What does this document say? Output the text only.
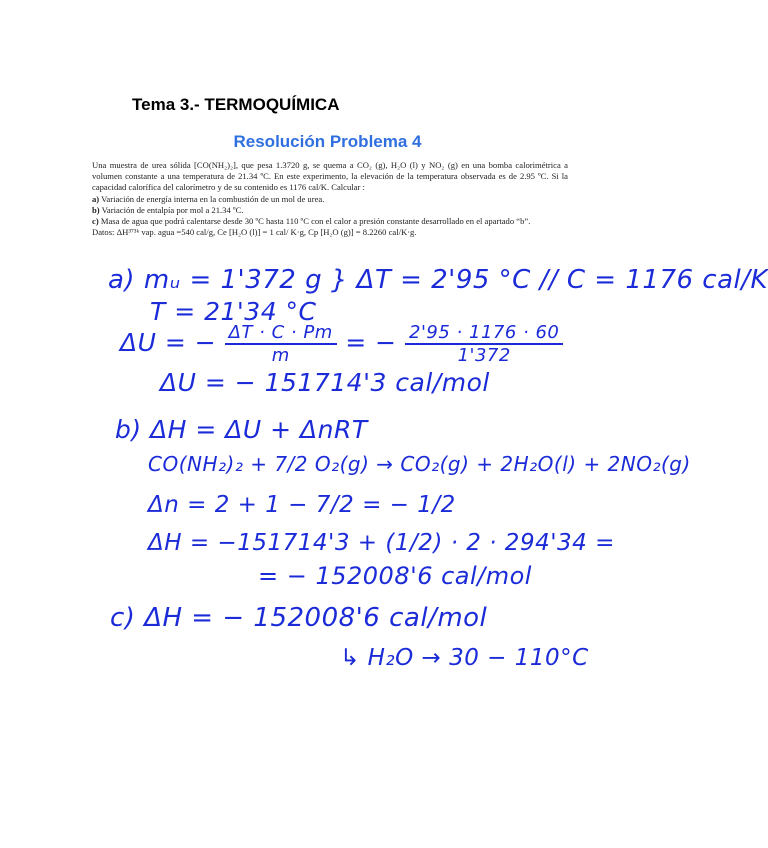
Tema 3.- TERMOQUÍMICA
Resolución Problema 4

Una muestra de urea sólida [CO(NH₂)₂], que pesa 1.3720 g, se quema a CO₂ (g), H₂O (l) y NO₂ (g) en una bomba calorimétrica a volumen constante a una temperatura de 21.34 ºC. En este experimento, la elevación de la temperatura observada es de 2.95 ºC. Si la capacidad calorífica del calorímetro y de su contenido es 1176 cal/K. Calcular :

a) Variación de energía interna en la combustión de un mol de urea.

b) Variación de entalpía por mol a 21.34 ºC.

c) Masa de agua que podrá calentarse desde 30 ºC hasta 110 ºC con el calor a presión constante desarrollado en el apartado “b”.

Datos: ΔH³⁷³ᵏ vap. agua =540 cal/g, Ce [H₂O (l)] = 1 cal/ K·g, Cp [H₂O (g)] = 8.2260 cal/K·g.

a) mᵤ = 1'372 g } ΔT = 2'95 °C // C = 1176 cal/K
T = 21'34 °C
ΔU = − $\frac{\Delta T \cdot C \cdot Pm}{m}$ = − $\frac{2'95 \cdot 1176 \cdot 60}{1'372}$
ΔU = − 151714'3 cal/mol
b) ΔH = ΔU + ΔnRT
CO(NH₂)₂ + 7/2 O₂(g) → CO₂(g) + 2H₂O(l) + 2NO₂(g)
Δn = 2 + 1 − 7/2 = − 1/2
ΔH = −151714'3 + (1/2) · 2 · 294'34 =
= − 152008'6 cal/mol
c) ΔH = − 152008'6 cal/mol
↳ H₂O → 30 − 110°C
